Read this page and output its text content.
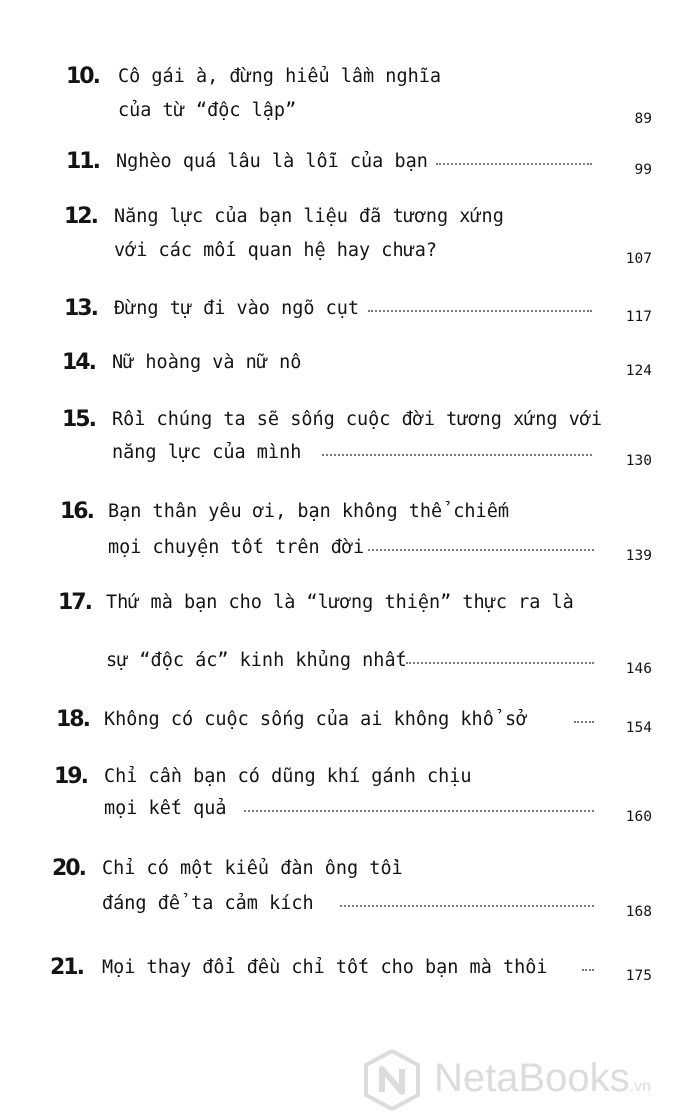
10.	Cô gái à, đừng hiểu lầm nghĩa
của từ “độc lập”	89
11. Nghèo quá lâu là lỗi của bạn	99
12. Năng lực của bạn liệu đã tương xứng
với các mối quan hệ hay chưa?	107
13. Đừng tự đi vào ngõ cụt	117
14. Nữ hoàng và nữ nô	124
15. Rồi chúng ta sẽ sống cuộc đời tương xứng với
năng lực của mình	130
16. Bạn thân yêu ơi, bạn không thể chiếm
mọi chuyện tốt trên đời	139
17. Thứ mà bạn cho là “lương thiện” thực ra là
sự “độc ác” kinh khủng nhất	146
18. Không có cuộc sống của ai không khổ sở	154
19. Chỉ cần bạn có dũng khí gánh chịu
mọi kết quả	160
20. Chỉ có một kiểu đàn ông tồi
đáng để ta cảm kích	168
21.	Mọi thay đổi đều chỉ tốt cho bạn mà thôi	175
NetaBooks.vn
